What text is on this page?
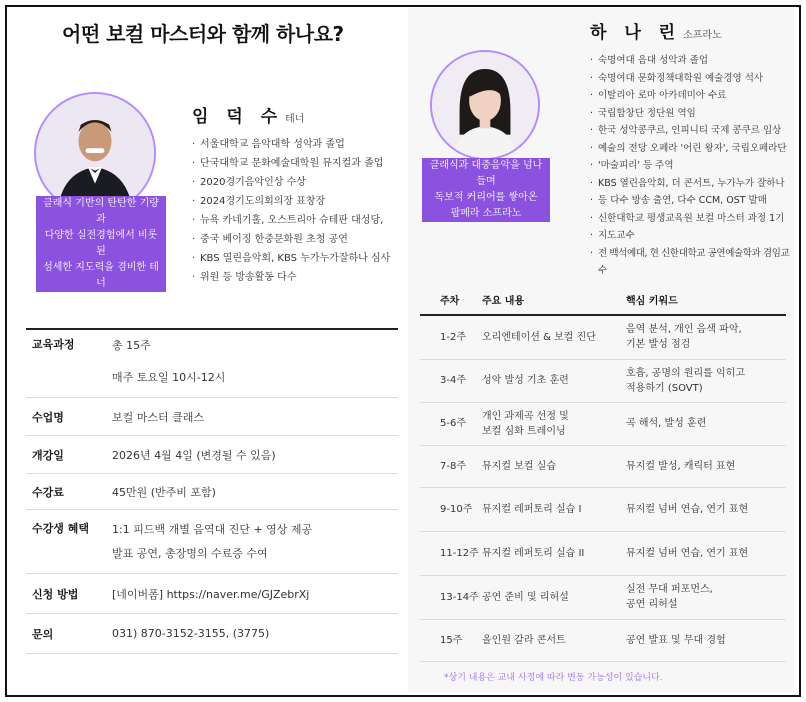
어떤 보컬 마스터와 함께 하나요?
클래식 기반의 탄탄한 기량과
다양한 실전경험에서 비롯된
섬세한 지도력을 겸비한 테너
임 덕 수 테너
· 서울대학교 음악대학 성악과 졸업
· 단국대학교 문화예술대학원 뮤지컬과 졸업
· 2020경기음악인상 수상
· 2024경기도의회의장 표창장
· 뉴욕 카네기홀, 오스트리아 슈테판 대성당,
· 중국 베이징 한중문화원 초청 공연
· KBS 열린음악회, KBS 누가누가잘하나 심사
· 위원 등 방송활동 다수
교육과정	총 15주
매주 토요일 10시-12시
수업명	보컬 마스터 클래스
개강일	2026년 4월 4일 (변경될 수 있음)
수강료	45만원 (반주비 포함)
수강생 혜택	1:1 피드백 개별 음역대 진단 + 영상 제공
발표 공연, 총장명의 수료증 수여
신청 방법	[네이버폼] https://naver.me/GJZebrXj
문의	031) 870-3152-3155, (3775)
클래식과 대중음악을 넘나들며
독보적 커리어를 쌓아온
팝페라 소프라노
하 나 린 소프라노
· 숙명여대 음대 성악과 졸업
· 숙명여대 문화정책대학원 예술경영 석사
· 이탈리아 로마 아카데미아 수료
· 국립합창단 정단원 역임
· 한국 성악콩쿠르, 인피니티 국제 콩쿠르 입상
· 예술의 전당 오페라 '어린 왕자', 국립오페라단
· '마술피리' 등 주역
· KBS 열린음악회, 더 콘서트, 누가누가 잘하나
· 등 다수 방송 출연, 다수 CCM, OST 발매
· 신한대학교 평생교육원 보컬 마스터 과정 1기
· 지도교수
· 전 백석예대, 현 신한대학교 공연예술학과 겸임교수
주차	주요 내용	핵심 키워드
1-2주	오리엔테이션 & 보컬 진단	음역 분석, 개인 음색 파악,
기본 발성 점검

3-4주	성악 발성 기초 훈련	호흡, 공명의 원리를 익히고
적용하기 (SOVT)

5-6주	개인 과제곡 선정 및
보컬 심화 트레이닝	곡 해석, 발성 훈련

7-8주	뮤지컬 보컬 실습	뮤지컬 발성, 캐릭터 표현

9-10주	뮤지컬 레퍼토리 실습 I	뮤지컬 넘버 연습, 연기 표현

11-12주	뮤지컬 레퍼토리 실습 II	뮤지컬 넘버 연습, 연기 표현

13-14주	공연 준비 및 리허설	실전 무대 퍼포먼스,
공연 리허설

15주	올인원 갈라 콘서트	공연 발표 및 무대 경험
*상기 내용은 교내 사정에 따라 변동 가능성이 있습니다.
